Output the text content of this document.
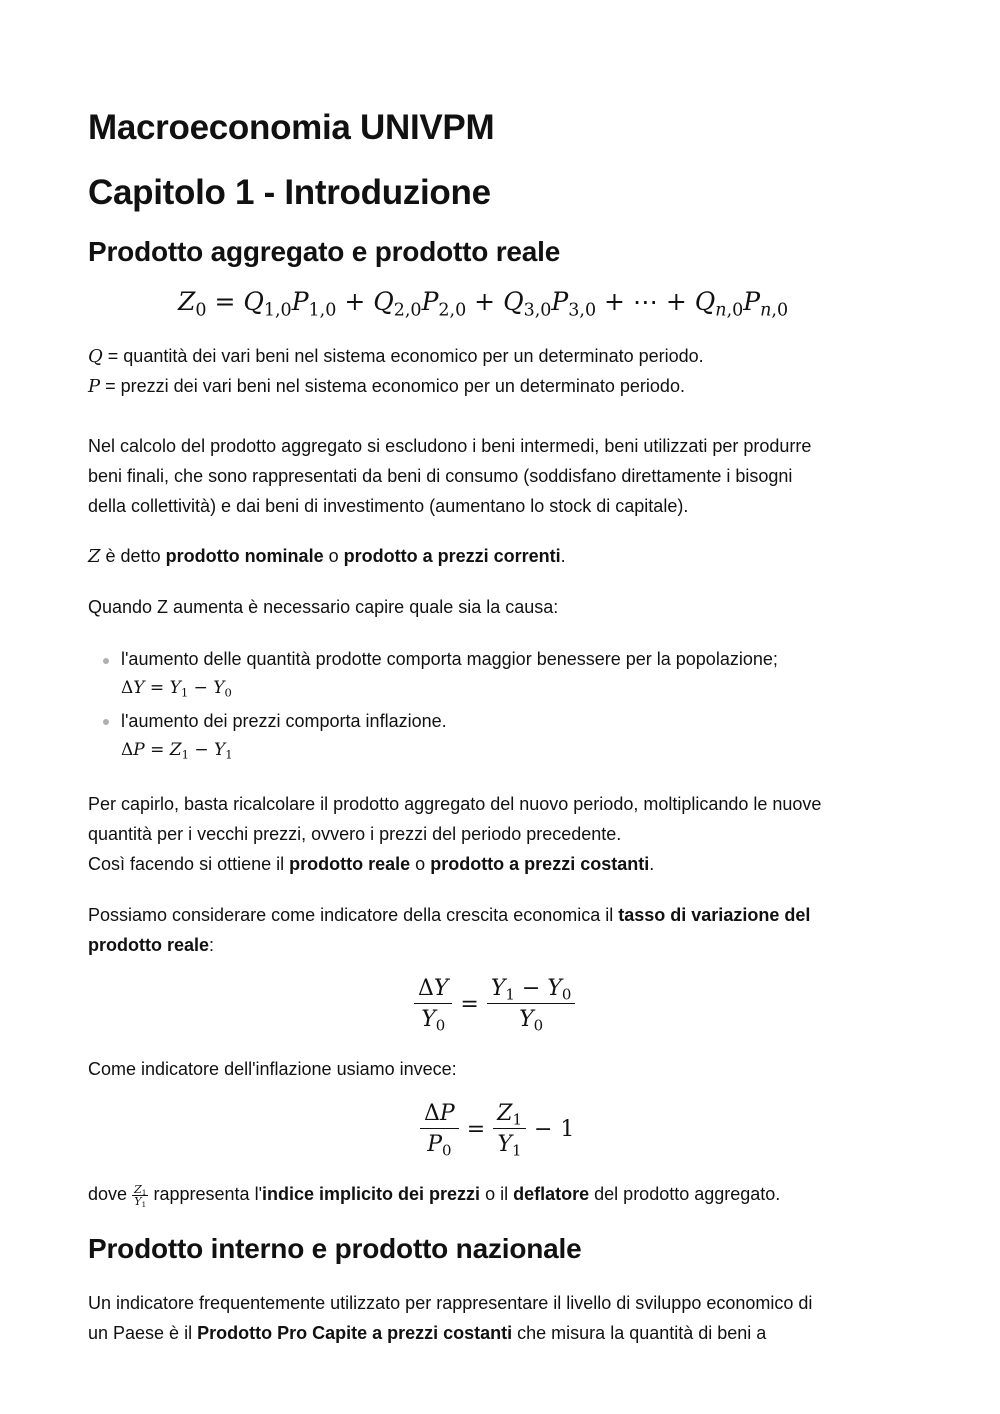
Macroeconomia UNIVPM
Capitolo 1 - Introduzione
Prodotto aggregato e prodotto reale
$Z_0 = Q_{1,0}P_{1,0} + Q_{2,0}P_{2,0} + Q_{3,0}P_{3,0}$ + ⋯ + $Q_{n,0}P_{n,0}$

Q = quantità dei vari beni nel sistema economico per un determinato periodo.

P = prezzi dei vari beni nel sistema economico per un determinato periodo.

Nel calcolo del prodotto aggregato si escludono i beni intermedi, beni utilizzati per produrre

beni finali, che sono rappresentati da beni di consumo (soddisfano direttamente i bisogni

della collettività) e dai beni di investimento (aumentano lo stock di capitale).

Z è detto prodotto nominale o prodotto a prezzi correnti.

Quando Z aumenta è necessario capire quale sia la causa:

l'aumento delle quantità prodotte comporta maggior benessere per la popolazione;

$\Delta Y = Y_1 - Y_0$

l'aumento dei prezzi comporta inflazione.

$\Delta P = Z_1 - Y_1$

Per capirlo, basta ricalcolare il prodotto aggregato del nuovo periodo, moltiplicando le nuove

quantità per i vecchi prezzi, ovvero i prezzi del periodo precedente.

Così facendo si ottiene il prodotto reale o prodotto a prezzi costanti.

Possiamo considerare come indicatore della crescita economica il tasso di variazione del

prodotto reale:

$\frac{\Delta Y}{Y_0} = \frac{Y_1 - Y_0}{Y_0}$

Come indicatore dell'inflazione usiamo invece:

$\frac{\Delta P}{P_0} = \frac{Z_1}{Y_1} - 1$

dove $\frac{Z_1}{Y_1}$ rappresenta l'indice implicito dei prezzi o il deflatore del prodotto aggregato.

Prodotto interno e prodotto nazionale

Un indicatore frequentemente utilizzato per rappresentare il livello di sviluppo economico di

un Paese è il Prodotto Pro Capite a prezzi costanti che misura la quantità di beni a
